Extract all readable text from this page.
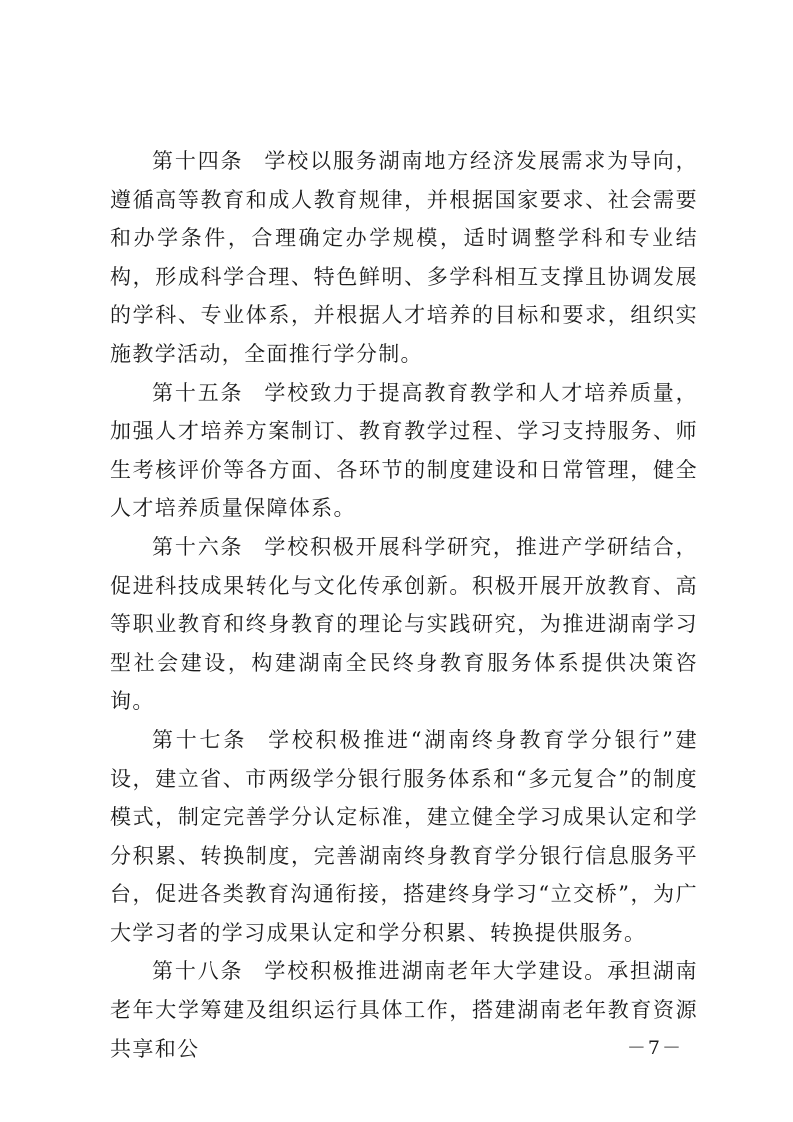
第十四条 学校以服务湖南地方经济发展需求为导向，遵循高等教育和成人教育规律，并根据国家要求、社会需要和办学条件，合理确定办学规模，适时调整学科和专业结构，形成科学合理、特色鲜明、多学科相互支撑且协调发展的学科、专业体系，并根据人才培养的目标和要求，组织实施教学活动，全面推行学分制。

第十五条 学校致力于提高教育教学和人才培养质量，加强人才培养方案制订、教育教学过程、学习支持服务、师生考核评价等各方面、各环节的制度建设和日常管理，健全人才培养质量保障体系。

第十六条 学校积极开展科学研究，推进产学研结合，促进科技成果转化与文化传承创新。积极开展开放教育、高等职业教育和终身教育的理论与实践研究，为推进湖南学习型社会建设，构建湖南全民终身教育服务体系提供决策咨询。

第十七条 学校积极推进“湖南终身教育学分银行”建设，建立省、市两级学分银行服务体系和“多元复合”的制度模式，制定完善学分认定标准，建立健全学习成果认定和学分积累、转换制度，完善湖南终身教育学分银行信息服务平台，促进各类教育沟通衔接，搭建终身学习“立交桥”，为广大学习者的学习成果认定和学分积累、转换提供服务。

第十八条 学校积极推进湖南老年大学建设。承担湖南老年大学筹建及组织运行具体工作，搭建湖南老年教育资源共享和公	－7－
